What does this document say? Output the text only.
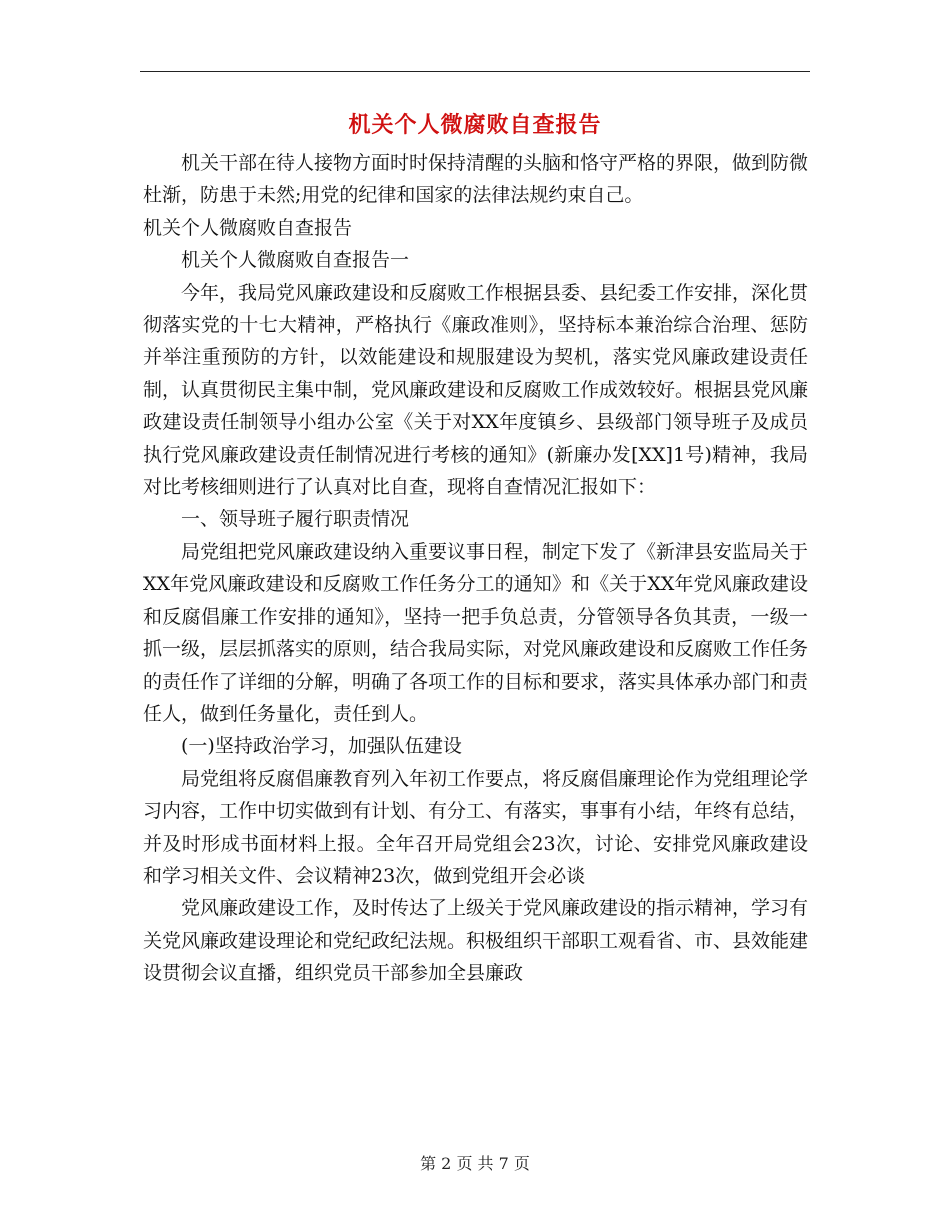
机关个人微腐败自查报告

机关干部在待人接物方面时时保持清醒的头脑和恪守严格的界限，做到防微杜渐，防患于未然;用党的纪律和国家的法律法规约束自己。

机关个人微腐败自查报告

机关个人微腐败自查报告一

今年，我局党风廉政建设和反腐败工作根据县委、县纪委工作安排，深化贯彻落实党的十七大精神，严格执行《廉政准则》，坚持标本兼治综合治理、惩防并举注重预防的方针，以效能建设和规服建设为契机，落实党风廉政建设责任制，认真贯彻民主集中制，党风廉政建设和反腐败工作成效较好。根据县党风廉政建设责任制领导小组办公室《关于对XX年度镇乡、县级部门领导班子及成员执行党风廉政建设责任制情况进行考核的通知》(新廉办发[XX]1号)精神，我局对比考核细则进行了认真对比自查，现将自查情况汇报如下：

一、领导班子履行职责情况

局党组把党风廉政建设纳入重要议事日程，制定下发了《新津县安监局关于XX年党风廉政建设和反腐败工作任务分工的通知》和《关于XX年党风廉政建设和反腐倡廉工作安排的通知》，坚持一把手负总责，分管领导各负其责，一级一抓一级，层层抓落实的原则，结合我局实际，对党风廉政建设和反腐败工作任务的责任作了详细的分解，明确了各项工作的目标和要求，落实具体承办部门和责任人，做到任务量化，责任到人。

(一)坚持政治学习，加强队伍建设

局党组将反腐倡廉教育列入年初工作要点，将反腐倡廉理论作为党组理论学习内容，工作中切实做到有计划、有分工、有落实，事事有小结，年终有总结，并及时形成书面材料上报。全年召开局党组会23次，讨论、安排党风廉政建设和学习相关文件、会议精神23次，做到党组开会必谈

党风廉政建设工作，及时传达了上级关于党风廉政建设的指示精神，学习有关党风廉政建设理论和党纪政纪法规。积极组织干部职工观看省、市、县效能建设贯彻会议直播，组织党员干部参加全县廉政

第 2 页 共 7 页
